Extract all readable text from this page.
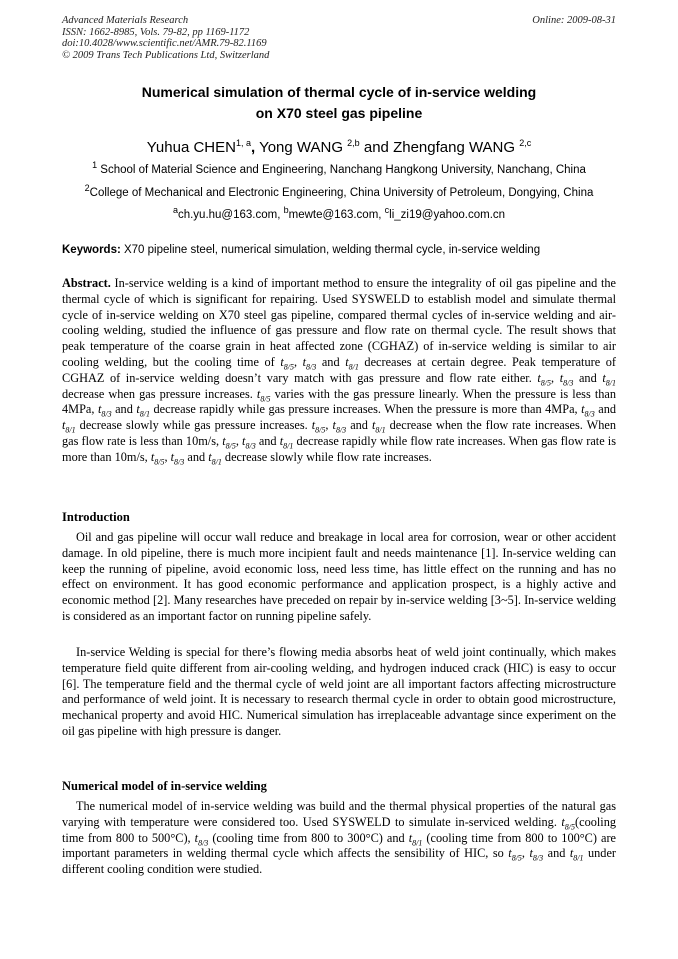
Advanced Materials Research
ISSN: 1662-8985, Vols. 79-82, pp 1169-1172
doi:10.4028/www.scientific.net/AMR.79-82.1169
© 2009 Trans Tech Publications Ltd, Switzerland
Online: 2009-08-31
Numerical simulation of thermal cycle of in-service welding
on X70 steel gas pipeline
Yuhua CHEN$^{1, a}$, Yong WANG $^{2,b}$ and Zhengfang WANG $^{2,c}$
$^1$ School of Material Science and Engineering, Nanchang Hangkong University, Nanchang, China
$^2$College of Mechanical and Electronic Engineering, China University of Petroleum, Dongying, China
$^a$ch.yu.hu@163.com, $^b$mewte@163.com, $^c$li_zi19@yahoo.com.cn
Keywords: X70 pipeline steel, numerical simulation, welding thermal cycle, in-service welding
Abstract. In-service welding is a kind of important method to ensure the integrality of oil gas pipeline and the thermal cycle of which is significant for repairing. Used SYSWELD to establish model and simulate thermal cycle of in-service welding on X70 steel gas pipeline, compared thermal cycles of in-service welding and air-cooling welding, studied the influence of gas pressure and flow rate on thermal cycle. The result shows that peak temperature of the coarse grain in heat affected zone (CGHAZ) of in-service welding is similar to air cooling welding, but the cooling time of $t_{8/5}$, $t_{8/3}$ and $t_{8/1}$ decreases at certain degree. Peak temperature of CGHAZ of in-service welding doesn’t vary match with gas pressure and flow rate either. $t_{8/5}$, $t_{8/3}$ and $t_{8/1}$ decrease when gas pressure increases. $t_{8/5}$ varies with the gas pressure linearly. When the pressure is less than 4MPa, $t_{8/3}$ and $t_{8/1}$ decrease rapidly while gas pressure increases. When the pressure is more than 4MPa, $t_{8/3}$ and $t_{8/1}$ decrease slowly while gas pressure increases. $t_{8/5}$, $t_{8/3}$ and $t_{8/1}$ decrease when the flow rate increases. When gas flow rate is less than 10m/s, $t_{8/5}$, $t_{8/3}$ and $t_{8/1}$ decrease rapidly while flow rate increases. When gas flow rate is more than 10m/s, $t_{8/5}$, $t_{8/3}$ and $t_{8/1}$ decrease slowly while flow rate increases.
Introduction
Oil and gas pipeline will occur wall reduce and breakage in local area for corrosion, wear or other accident damage. In old pipeline, there is much more incipient fault and needs maintenance [1]. In-service welding can keep the running of pipeline, avoid economic loss, need less time, has little effect on the running and has no effect on environment. It has good economic performance and application prospect, is a highly active and economic method [2]. Many researches have preceded on repair by in-service welding [3~5]. In-service welding is considered as an important factor on running pipeline safely.
In-service Welding is special for there’s flowing media absorbs heat of weld joint continually, which makes temperature field quite different from air-cooling welding, and hydrogen induced crack (HIC) is easy to occur [6]. The temperature field and the thermal cycle of weld joint are all important factors affecting microstructure and performance of weld joint. It is necessary to research thermal cycle in order to obtain good microstructure, mechanical property and avoid HIC. Numerical simulation has irreplaceable advantage since experiment on the oil gas pipeline with high pressure is danger.
Numerical model of in-service welding
The numerical model of in-service welding was build and the thermal physical properties of the natural gas varying with temperature were considered too. Used SYSWELD to simulate in-serviced welding. $t_{8/5}(cooling$ time from 800 to 500°C), $t_{8/3}$ (cooling time from 800 to 300°C) and $t_{8/1}$ (cooling time from 800 to 100°C) are important parameters in welding thermal cycle which affects the sensibility of HIC, so $t_{8/5}$, $t_{8/3}$ and $t_{8/1}$ under different cooling condition were studied.
